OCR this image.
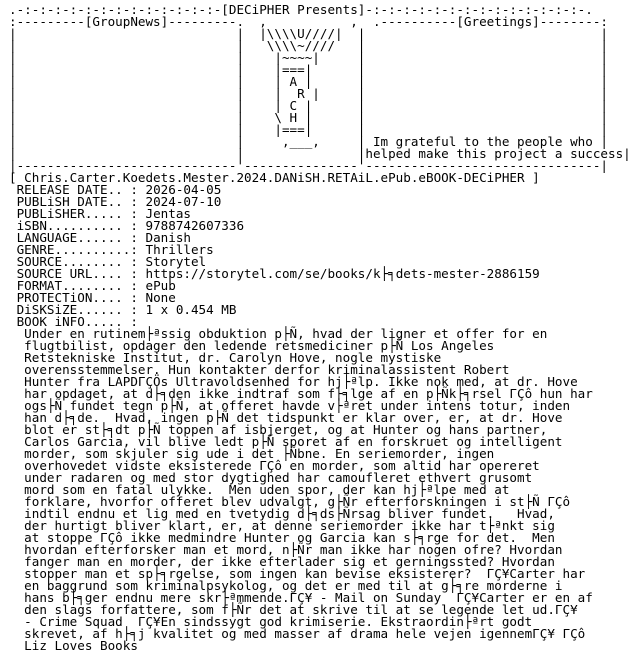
.-:-:-:-:-:-:-:-:-:-:-:-:-:-[DECiPHER Presents]-:-:-:-:-:-:-:-:-:-:-:-:-:-:-.
:---------[GroupNews]---------.  ,           ,  .----------[Greetings]--------:
|                             |  |\\\\U////|  |                               |
|                             |   \\\\~////   |                               |
|                             |    |~~~~|     |                               |
|                             |    |===|      |                               |
|                             |    | A |      |                               |
|                             |    |  R |     |                               |
|                             |    | C |      |                               |
|                             |    \ H |      |                               |
|                             |    |===|      |                               |
|                             |     ,___,     | Im grateful to the people who |
|                             |               |helped make this project a success|
|-----------------------------'---------------'-------------------------------|
[ Chris.Carter.Koedets.Mester.2024.DANiSH.RETAiL.ePub.eBOOK-DECiPHER ]
RELEASE DATE.. : 2026-04-05
PUBLiSH DATE.. : 2024-07-10
PUBLiSHER..... : Jentas
iSBN.......... : 9788742607336
LANGUAGE...... : Danish
GENRE..........: Thrillers
SOURCE........ : Storytel
SOURCE URL.... : https://storytel.com/se/books/k├╕dets-mester-2886159
FORMAT........ : ePub
PROTECTiON.... : None
DiSKSiZE...... : 1 x 0.454 MB
BOOK iNFO..... :
Under en rutinem├ªssig obduktion p├Ñ, hvad der ligner et offer for en
flugtbilist, opdager den ledende retsmediciner p├Ñ Los Angeles
Retstekniske Institut, dr. Carolyn Hove, nogle mystiske
overensstemmelser. Hun kontakter derfor kriminalassistent Robert
Hunter fra LAPDΓÇÖs Ultravoldsenhed for hj├ªlp. Ikke nok med, at dr. Hove
har opdaget, at d├╕den ikke indtraf som f├╕lge af en p├Ñk├╕rsel ΓÇô hun har
ogs├Ñ fundet tegn p├Ñ, at offeret havde v├ªret under intens totur, inden
han d├╕de.  Hvad, ingen p├Ñ det tidspunkt er klar over, er, at dr. Hove
blot er st├╕dt p├Ñ toppen af isbjerget, og at Hunter og hans partner,
Carlos Garcia, vil blive ledt p├Ñ sporet af en forskruet og intelligent
morder, som skjuler sig ude i det ├Ñbne. En seriemorder, ingen
overhovedet vidste eksisterede ΓÇô en morder, som altid har opereret
under radaren og med stor dygtighed har camoufleret ethvert grusomt
mord som en fatal ulykke.  Men uden spor, der kan hj├ªlpe med at
forklare, hvorfor offeret blev udvalgt, g├Ñr efterforskningen i st├Ñ ΓÇô
indtil endnu et lig med en tvetydig d├╕ds├Ñrsag bliver fundet.   Hvad,
der hurtigt bliver klart, er, at denne seriemorder ikke har t├ªnkt sig
at stoppe ΓÇô ikke medmindre Hunter og Garcia kan s├╕rge for det.  Men
hvordan efterforsker man et mord, n├Ñr man ikke har nogen ofre? Hvordan
fanger man en morder, der ikke efterlader sig et gerningssted? Hvordan
stopper man et sp├╕rgelse, som ingen kan bevise eksisterer?  ΓÇ¥Carter har
en baggrund som kriminalpsykolog, og det er med til at g├╕re morderne i
hans b├╕ger endnu mere skr├ªmmende.ΓÇ¥ - Mail on Sunday  ΓÇ¥Carter er en af
den slags forfattere, som f├Ñr det at skrive til at se legende let ud.ΓÇ¥
- Crime Squad  ΓÇ¥En sindssygt god krimiserie. Ekstraordin├ªrt godt
skrevet, af h├╕j kvalitet og med masser af drama hele vejen igennemΓÇ¥ ΓÇô
Liz Loves Books
